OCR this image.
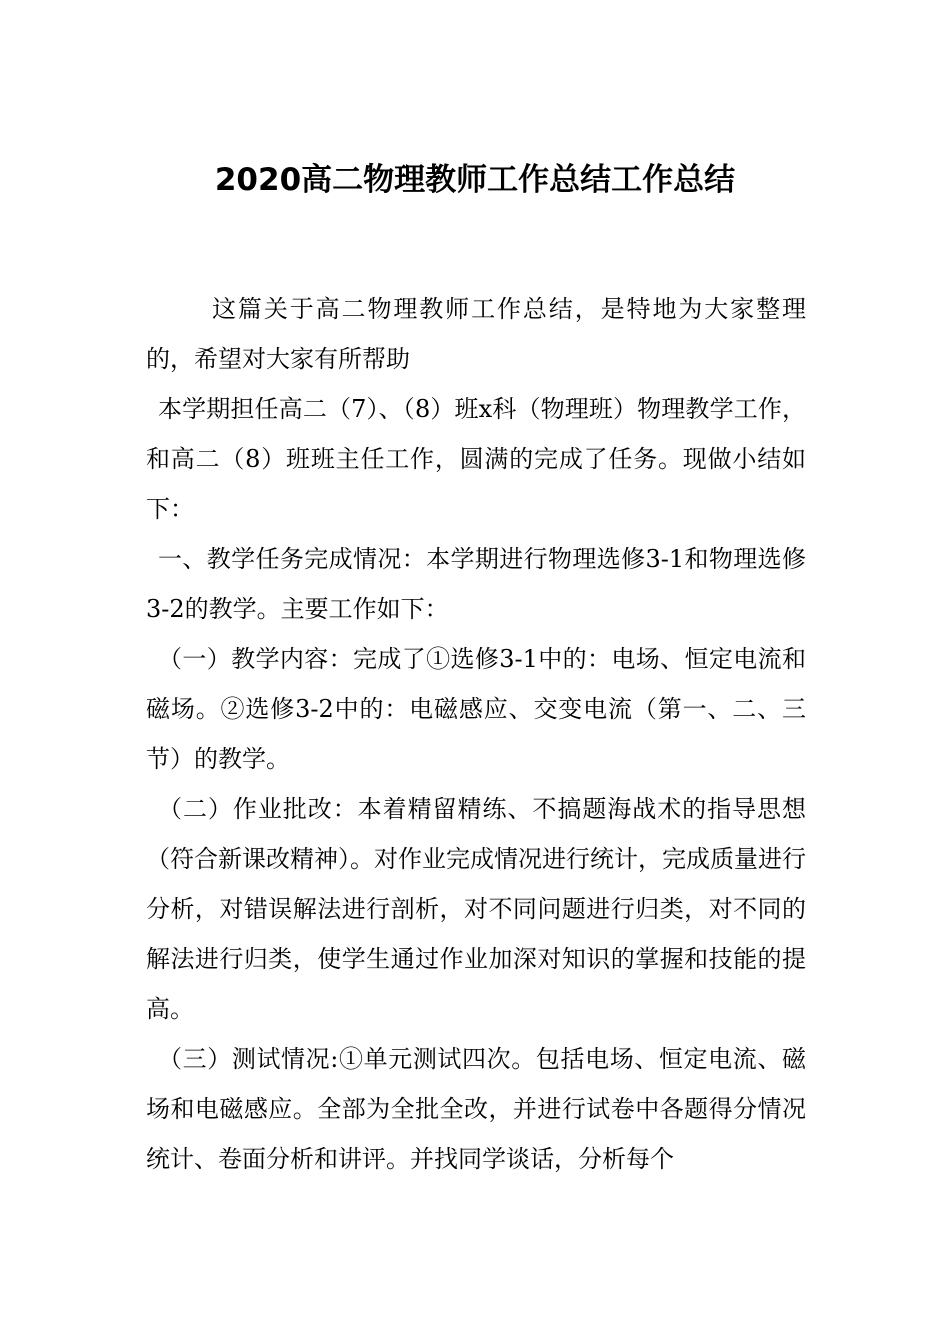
2020高二物理教师工作总结工作总结

这篇关于高二物理教师工作总结，是特地为大家整理的，希望对大家有所帮助

本学期担任高二（7）、（8）班x科（物理班）物理教学工作，和高二（8）班班主任工作，圆满的完成了任务。现做小结如下：

一、教学任务完成情况：本学期进行物理选修3-1和物理选修3-2的教学。主要工作如下：

（一）教学内容：完成了①选修3-1中的：电场、恒定电流和磁场。②选修3-2中的：电磁感应、交变电流（第一、二、三节）的教学。

（二）作业批改：本着精留精练、不搞题海战术的指导思想（符合新课改精神）。对作业完成情况进行统计，完成质量进行分析，对错误解法进行剖析，对不同问题进行归类，对不同的解法进行归类，使学生通过作业加深对知识的掌握和技能的提高。

（三）测试情况:①单元测试四次。包括电场、恒定电流、磁场和电磁感应。全部为全批全改，并进行试卷中各题得分情况统计、卷面分析和讲评。并找同学谈话，分析每个
